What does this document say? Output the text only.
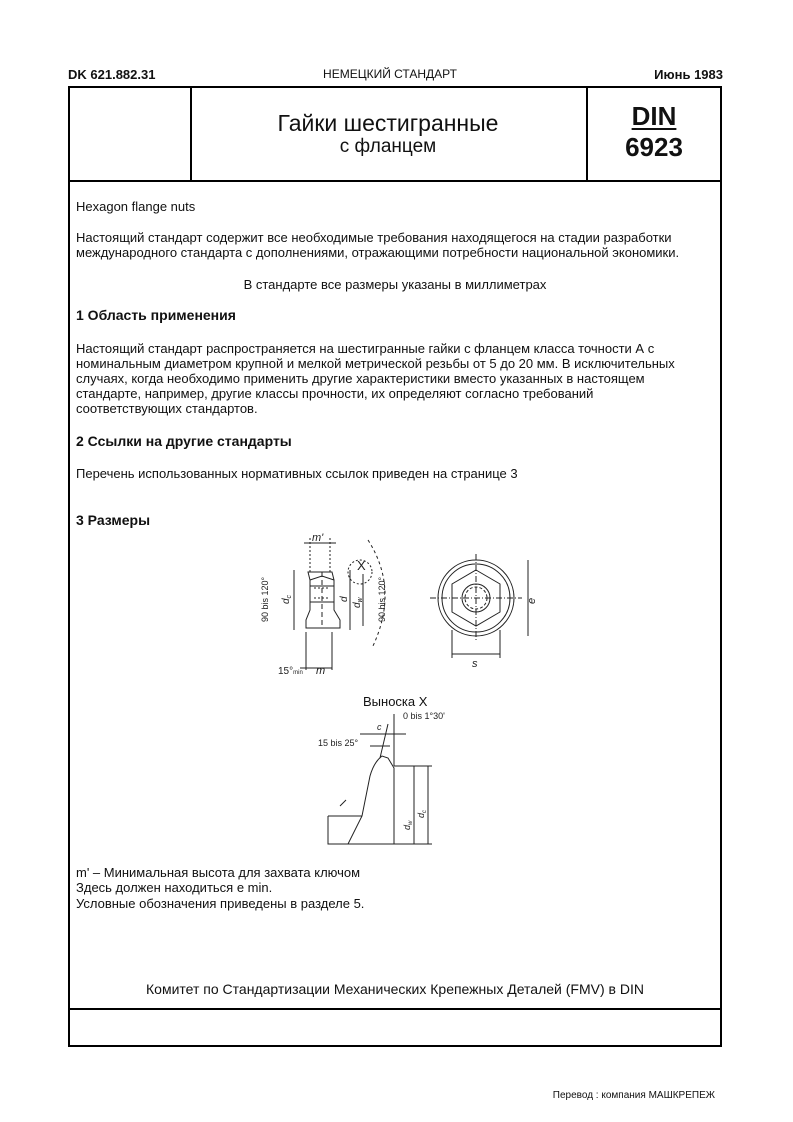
DK 621.882.31	НЕМЕЦКИЙ СТАНДАРТ	Июнь 1983
Гайки шестигранные
с фланцем
DIN
6923
Hexagon flange nuts
Настоящий стандарт содержит все необходимые требования находящегося на стадии разработки
международного стандарта с дополнениями, отражающими потребности национальной экономики.
В стандарте все размеры указаны в миллиметрах
1 Область применения
Настоящий стандарт распространяется на шестигранные гайки с фланцем класса точности А с
номинальным диаметром крупной и мелкой метрической резьбы от 5 до 20 мм. В исключительных
случаях, когда необходимо применить другие характеристики вместо указанных в настоящем
стандарте, например, другие классы прочности, их определяют согласно требований
соответствующих стандартов.
2 Ссылки на другие стандарты
Перечень использованных нормативных ссылок приведен на странице 3
3 Размеры
m'
X
90 bis 120° $d_c$	d
$d_w$ 90 bis 120°
15°min m
e
s
Выноска X
0 bis 1°30'
15 bis 25°
c
$d_w$
$d_c$
m' – Минимальная высота для захвата ключом
Здесь должен находиться e min.
Условные обозначения приведены в разделе 5.
Комитет по Стандартизации Механических Крепежных Деталей (FMV) в DIN
Перевод : компания МАШКРЕПЕЖ
